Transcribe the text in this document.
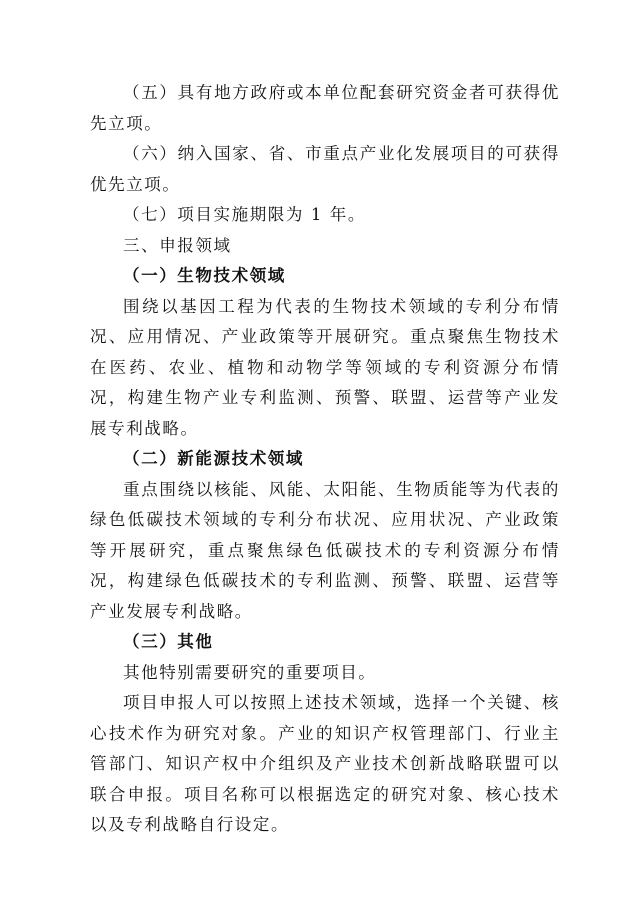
（五）具有地方政府或本单位配套研究资金者可获得优先立项。

（六）纳入国家、省、市重点产业化发展项目的可获得优先立项。

（七）项目实施期限为 1 年。

三、申报领域

（一）生物技术领域

围绕以基因工程为代表的生物技术领域的专利分布情况、应用情况、产业政策等开展研究。重点聚焦生物技术在医药、农业、植物和动物学等领域的专利资源分布情况，构建生物产业专利监测、预警、联盟、运营等产业发展专利战略。

（二）新能源技术领域

重点围绕以核能、风能、太阳能、生物质能等为代表的绿色低碳技术领域的专利分布状况、应用状况、产业政策等开展研究，重点聚焦绿色低碳技术的专利资源分布情况，构建绿色低碳技术的专利监测、预警、联盟、运营等产业发展专利战略。

（三）其他

其他特别需要研究的重要项目。

项目申报人可以按照上述技术领域，选择一个关键、核心技术作为研究对象。产业的知识产权管理部门、行业主管部门、知识产权中介组织及产业技术创新战略联盟可以联合申报。项目名称可以根据选定的研究对象、核心技术以及专利战略自行设定。
